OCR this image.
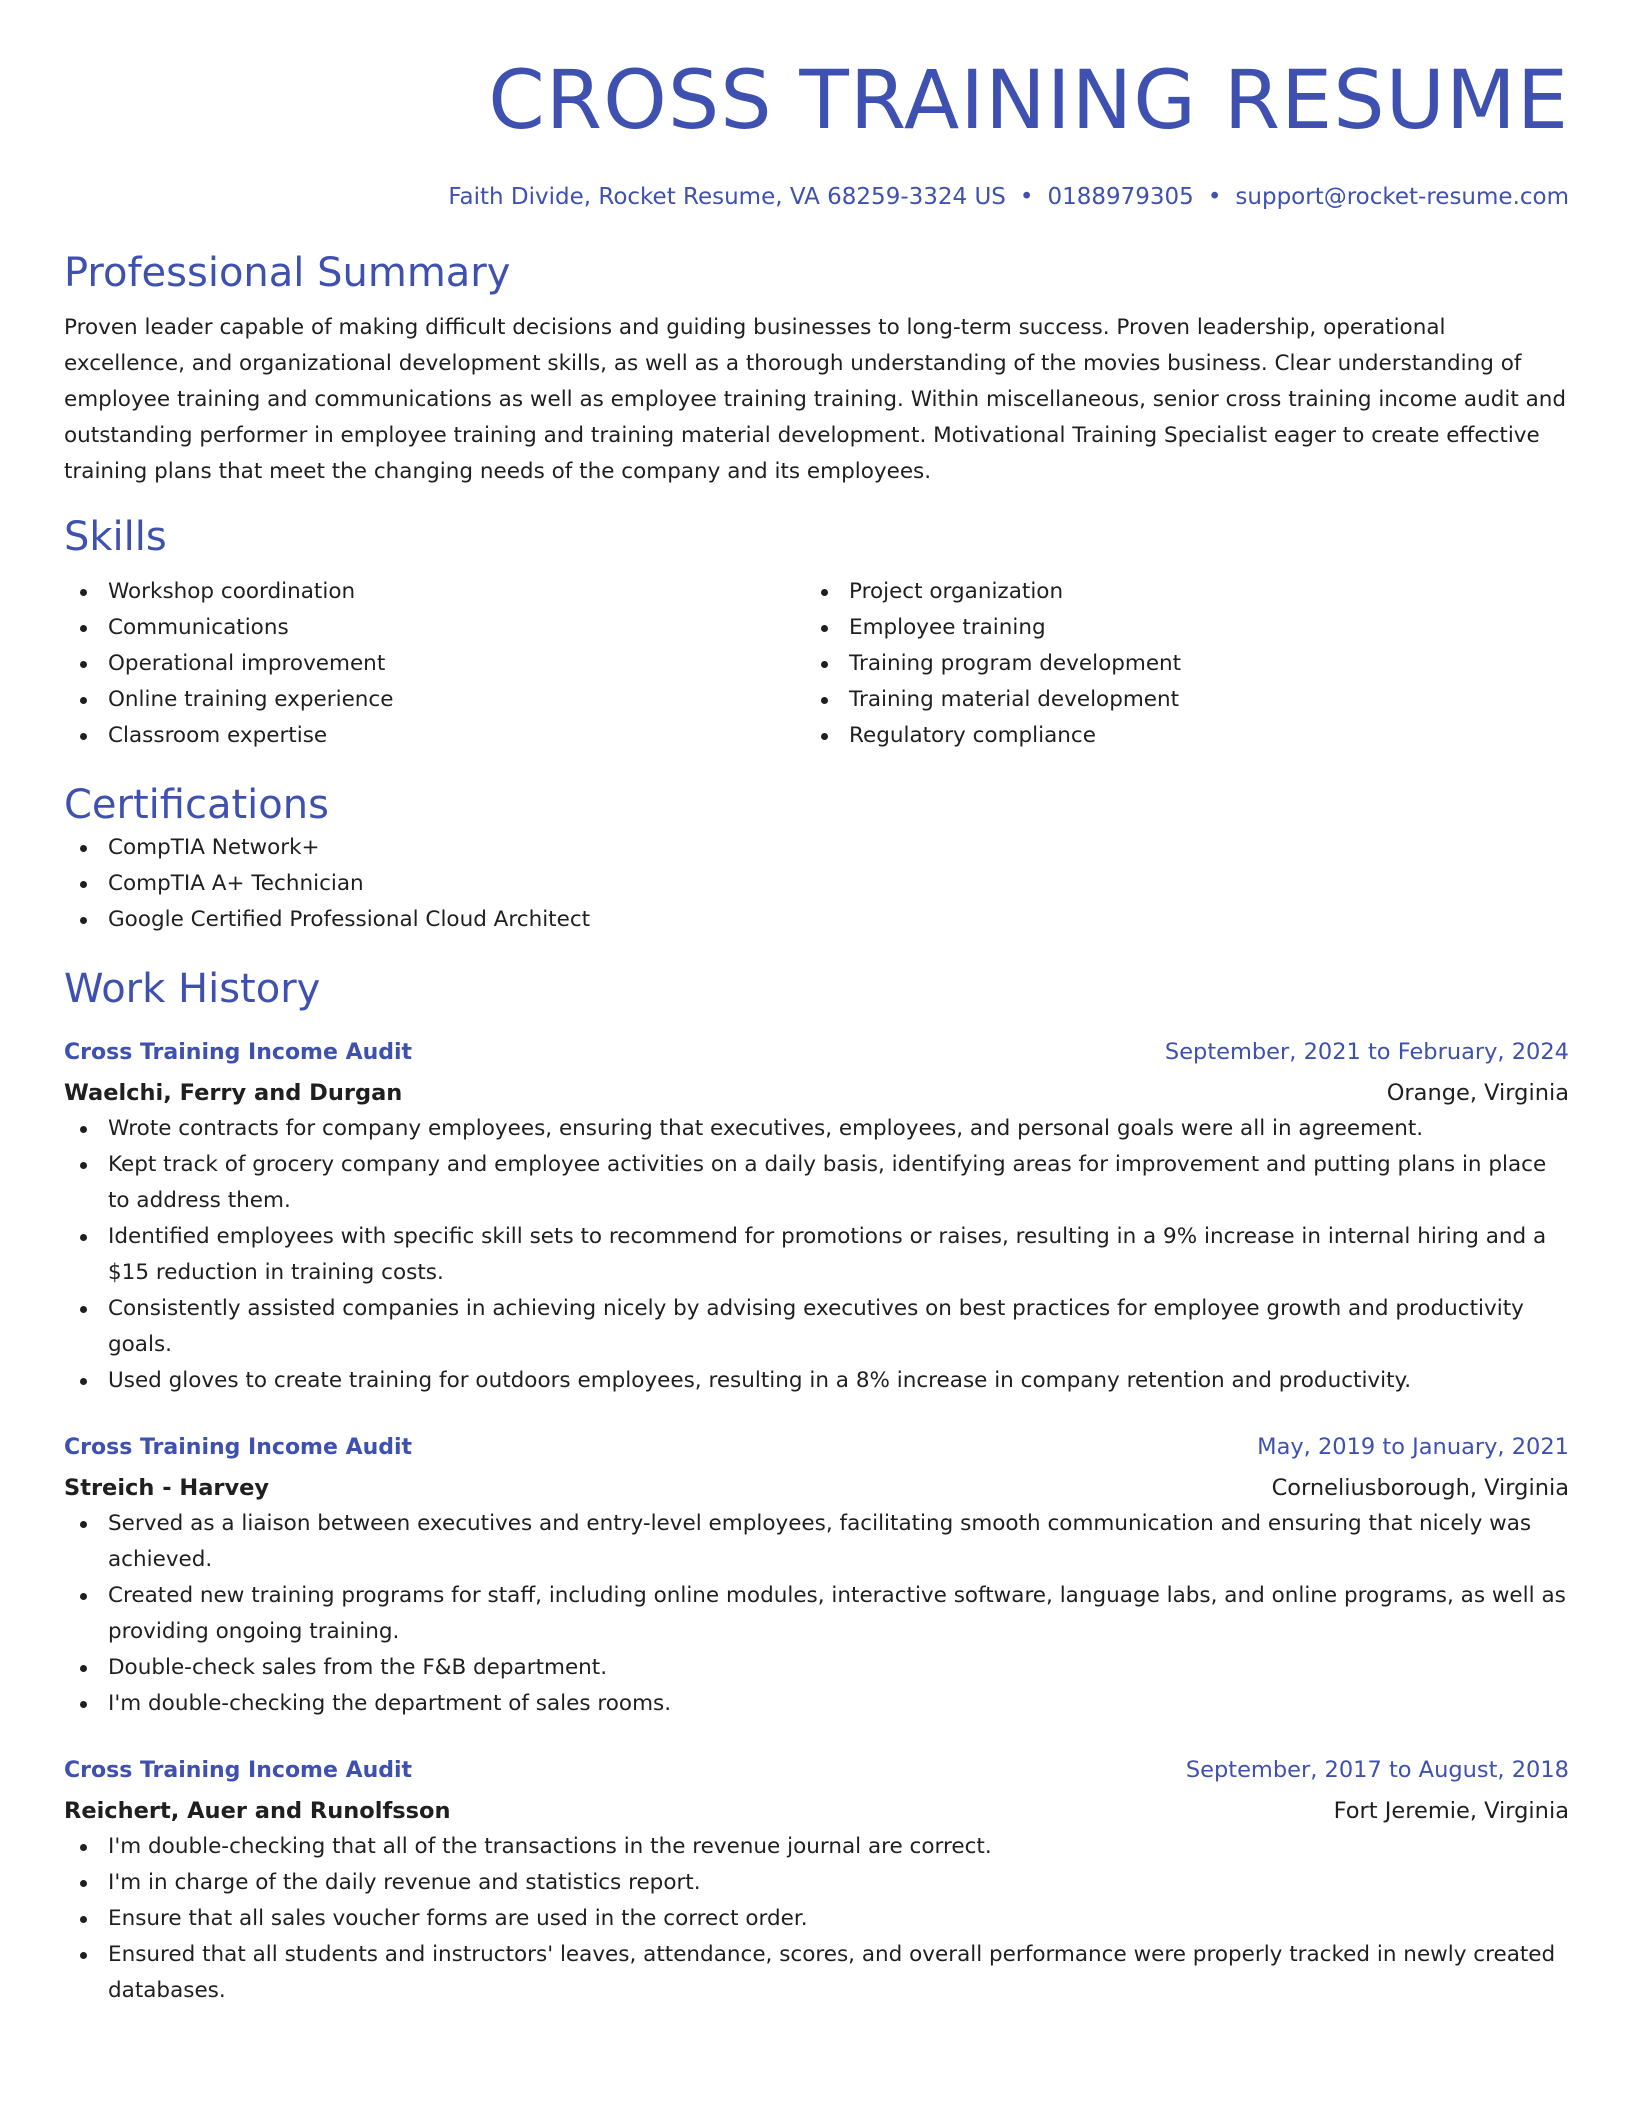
CROSS TRAINING RESUME
Faith Divide, Rocket Resume, VA 68259-3324 US • 0188979305 • support@rocket-resume.com
Professional Summary

Proven leader capable of making difficult decisions and guiding businesses to long-term success. Proven leadership, operational excellence, and organizational development skills, as well as a thorough understanding of the movies business. Clear understanding of employee training and communications as well as employee training training. Within miscellaneous, senior cross training income audit and outstanding performer in employee training and training material development. Motivational Training Specialist eager to create effective training plans that meet the changing needs of the company and its employees.

Skills
Workshop coordination
Communications
Operational improvement
Online training experience
Classroom expertise
Project organization
Employee training
Training program development
Training material development
Regulatory compliance
Certifications
CompTIA Network+
CompTIA A+ Technician
Google Certified Professional Cloud Architect
Work History
Cross Training Income Audit	September, 2021 to February, 2024
Waelchi, Ferry and Durgan	Orange, Virginia
Wrote contracts for company employees, ensuring that executives, employees, and personal goals were all in agreement.
Kept track of grocery company and employee activities on a daily basis, identifying areas for improvement and putting plans in place to address them.
Identified employees with specific skill sets to recommend for promotions or raises, resulting in a 9% increase in internal hiring and a $15 reduction in training costs.
Consistently assisted companies in achieving nicely by advising executives on best practices for employee growth and productivity goals.
Used gloves to create training for outdoors employees, resulting in a 8% increase in company retention and productivity.
Cross Training Income Audit	May, 2019 to January, 2021
Streich - Harvey	Corneliusborough, Virginia
Served as a liaison between executives and entry-level employees, facilitating smooth communication and ensuring that nicely was achieved.
Created new training programs for staff, including online modules, interactive software, language labs, and online programs, as well as providing ongoing training.
Double-check sales from the F&B department.
I'm double-checking the department of sales rooms.
Cross Training Income Audit	September, 2017 to August, 2018
Reichert, Auer and Runolfsson	Fort Jeremie, Virginia
I'm double-checking that all of the transactions in the revenue journal are correct.
I'm in charge of the daily revenue and statistics report.
Ensure that all sales voucher forms are used in the correct order.
Ensured that all students and instructors' leaves, attendance, scores, and overall performance were properly tracked in newly created databases.
